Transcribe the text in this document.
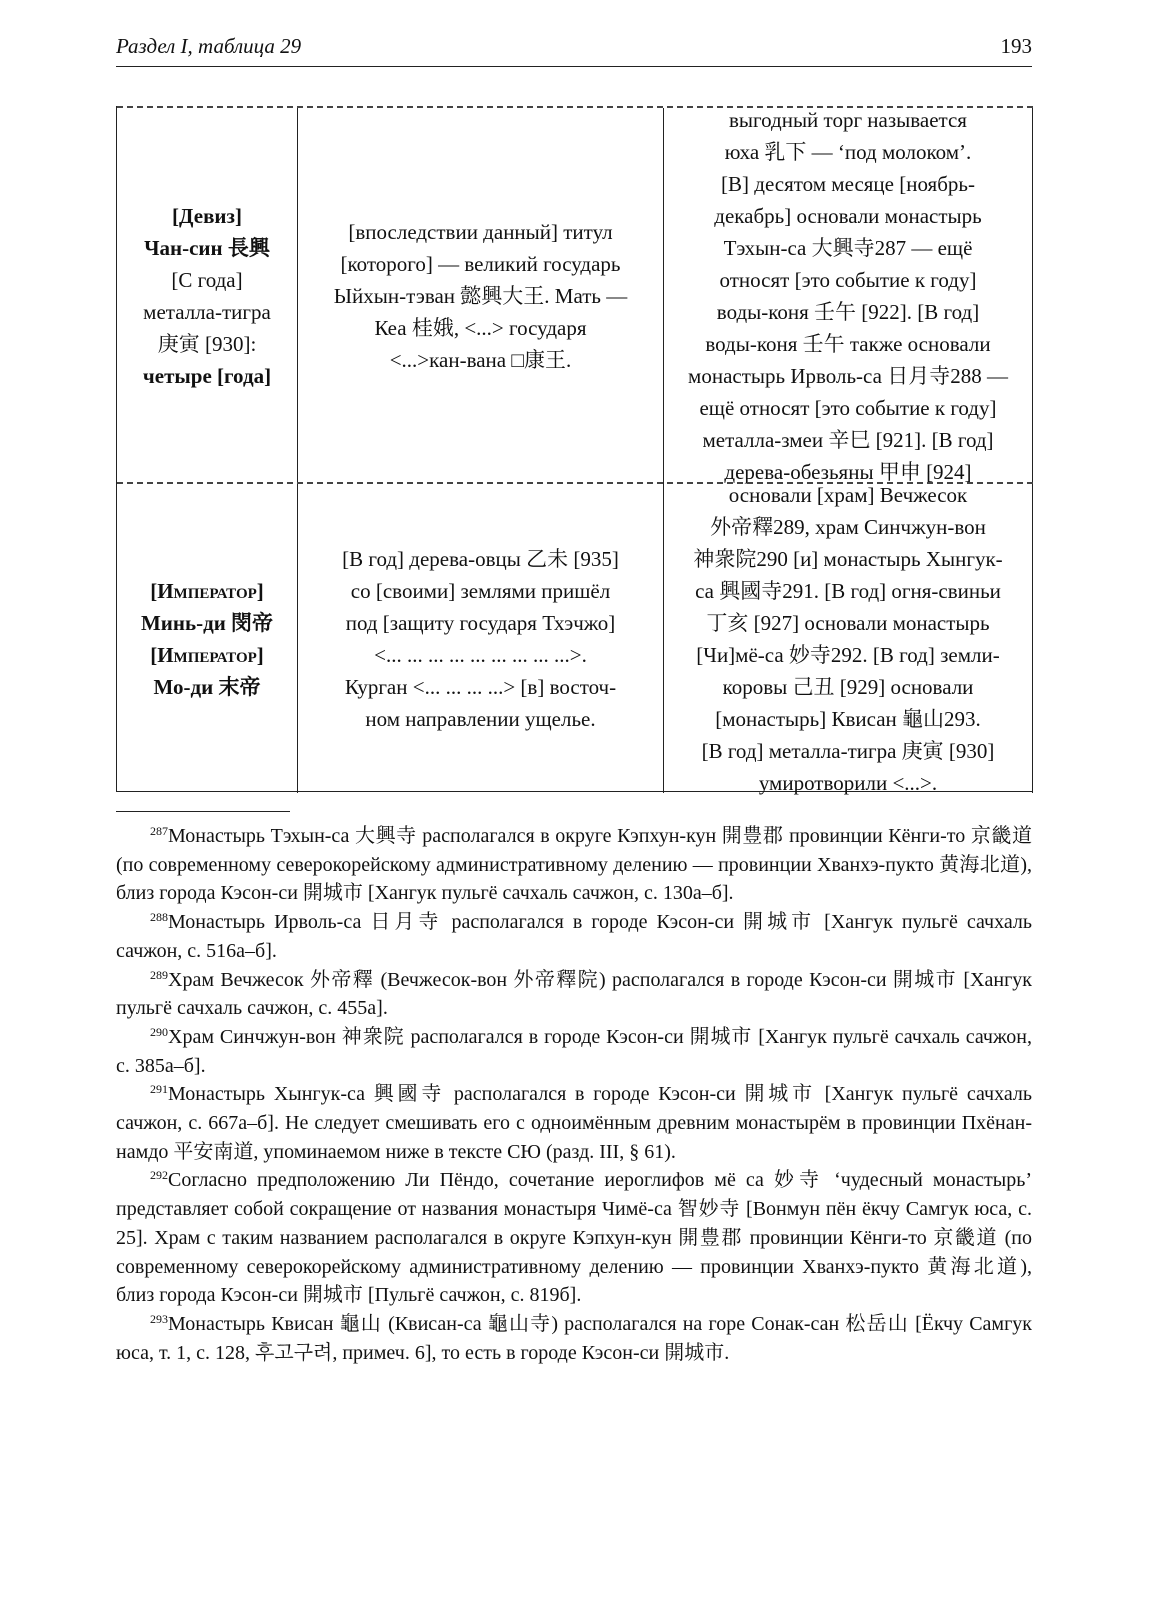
Раздел I, таблица 29	193
[Девиз]
Чан-син 長興
[С года]
металла-тигра
庚寅 [930]:
четыре [года]
[впоследствии данный] титул
[которого] — великий государь
Ыйхын-тэван 懿興大王. Мать —
Кеа 桂娥, <...> государя
<...>кан-вана □康王.
выгодный торг называется
юха 乳下 — ‘под молоком’.
[В] десятом месяце [ноябрь-
декабрь] основали монастырь
Тэхын-са 大興寺287 — ещё
относят [это событие к году]
воды-коня 壬午 [922]. [В год]
воды-коня 壬午 также основали
монастырь Ирволь-са 日月寺288 —
ещё относят [это событие к году]
металла-змеи 辛巳 [921]. [В год]
дерева-обезьяны 甲申 [924]
[Император]
Минь-ди 閔帝
[Император]
Мо-ди 末帝
[В год] дерева-овцы 乙未 [935]
со [своими] землями пришёл
под [защиту государя Тхэчжо]
<... ... ... ... ... ... ... ... ...>.
Курган <... ... ... ...> [в] восточ-
ном направлении ущелье.
основали [храм] Вечжесок
外帝釋289, храм Синчжун-вон
神衆院290 [и] монастырь Хынгук-
са 興國寺291. [В год] огня-свиньи
丁亥 [927] основали монастырь
[Чи]мё-са 妙寺292. [В год] земли-
коровы 己丑 [929] основали
[монастырь] Квисан 龜山293.
[В год] металла-тигра 庚寅 [930]
умиротворили <...>.

$^{287}$Монастырь Тэхын-са 大興寺 располагался в округе Кэпхун-кун 開豊郡 провинции Кёнги-то 京畿道 (по современному северокорейскому административному делению — провинции Хванхэ-пукто 黄海北道), близ города Кэсон-си 開城市 [Хангук пульгё сачхаль сачжон, с. 130а–б].

$^{288}$Монастырь Ирволь-са 日月寺 располагался в городе Кэсон-си 開城市 [Хангук пульгё сачхаль сачжон, с. 516а–б].

$^{289}$Храм Вечжесок 外帝釋 (Вечжесок-вон 外帝釋院) располагался в городе Кэсон-си 開城市 [Хангук пульгё сачхаль сачжон, с. 455а].

$^{290}$Храм Синчжун-вон 神衆院 располагался в городе Кэсон-си 開城市 [Хангук пульгё сачхаль сачжон, с. 385а–б].

$^{291}$Монастырь Хынгук-са 興國寺 располагался в городе Кэсон-си 開城市 [Хангук пульгё сачхаль сачжон, с. 667а–б]. Не следует смешивать его с одноимённым древним монастырём в провинции Пхёнан-намдо 平安南道, упоминаемом ниже в тексте СЮ (разд. III, § 61).

$^{292}$Согласно предположению Ли Пёндо, сочетание иероглифов мё са 妙寺 ‘чудесный монастырь’ представляет собой сокращение от названия монастыря Чимё-са 智妙寺 [Вонмун пён ёкчу Самгук юса, с. 25]. Храм с таким названием располагался в округе Кэпхун-кун 開豊郡 провинции Кёнги-то 京畿道 (по современному северокорейскому административному делению — провинции Хванхэ-пукто 黄海北道), близ города Кэсон-си 開城市 [Пульгё сачжон, с. 819б].

$^{293}$Монастырь Квисан 龜山 (Квисан-са 龜山寺) располагался на горе Сонак-сан 松岳山 [Ёкчу Самгук юса, т. 1, с. 128, 후고구려, примеч. 6], то есть в городе Кэсон-си 開城市.
